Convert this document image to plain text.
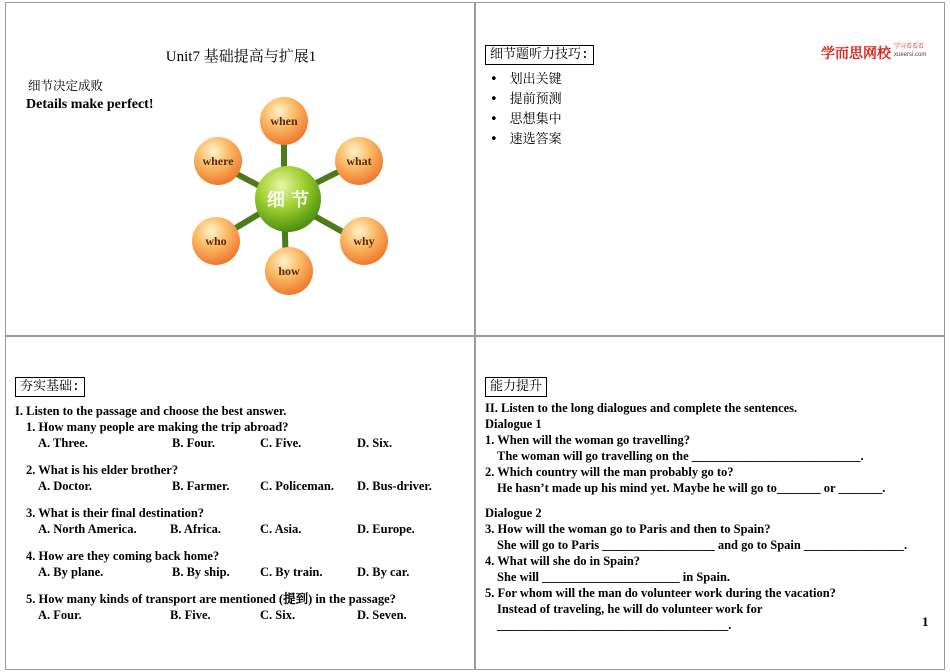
Unit7 基础提高与扩展1
细节决定成败
Details make perfect!
when
what
why
how
who
where
细 节
细节题听力技巧:	学而思网校 学习看看看
xueersi.com
• 划出关键
• 提前预测
• 思想集中
• 速选答案
夯实基础:
I. Listen to the passage and choose the best answer.
1. How many people are making the trip abroad?
A. Three.	B. Four.	C. Five.	D. Six.
2. What is his elder brother?
A. Doctor.	B. Farmer. C. Policeman. D. Bus-driver.
3. What is their final destination?
A. North America.	B. Africa.	C. Asia.	D. Europe.
4. How are they coming back home?
A. By plane.	B. By ship. C. By train.	D. By car.
5. How many kinds of transport are mentioned (提到) in the passage?
A. Four.	B. Five.	C. Six.	D. Seven.
能力提升
II. Listen to the long dialogues and complete the sentences.
Dialogue 1
1. When will the woman go travelling?
The woman will go travelling on the ___________________________.
2. Which country will the man probably go to?
He hasn’t made up his mind yet. Maybe he will go to_______ or _______.
Dialogue 2
3. How will the woman go to Paris and then to Spain?
She will go to Paris __________________ and go to Spain ________________.
4. What will she do in Spain?
She will ______________________ in Spain.
5. For whom will the man do volunteer work during the vacation?
Instead of traveling, he will do volunteer work for
_____________________________________.	1
